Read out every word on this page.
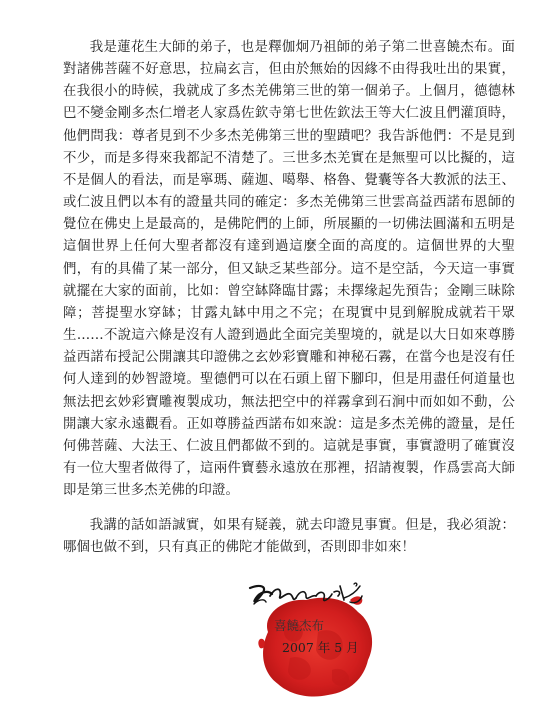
我是蓮花生大師的弟子，也是釋伽炯乃祖師的弟子第二世喜饒杰布。面對諸佛菩薩不好意思，拉扁玄言，但由於無始的因緣不由得我吐出的果實，在我很小的時候，我就成了多杰羌佛第三世的第一個弟子。上個月，德德林巴不變金剛多杰仁增老人家爲佐欽寺第七世佐欽法王等大仁波且們灌頂時，他們問我：尊者見到不少多杰羌佛第三世的聖蹟吧？我告訴他們：不是見到不少，而是多得來我都記不清楚了。三世多杰羌實在是無聖可以比擬的，這不是個人的看法，而是寧瑪、薩迦、噶舉、格魯、覺囊等各大教派的法王、或仁波且們以本有的證量共同的確定：多杰羌佛第三世雲高益西諾布恩師的覺位在佛史上是最高的，是佛陀們的上師，所展顯的一切佛法圓滿和五明是這個世界上任何大聖者都沒有達到過這麼全面的高度的。這個世界的大聖們，有的具備了某一部分，但又缺乏某些部分。這不是空話，今天這一事實就擺在大家的面前，比如：曾空缽降臨甘露；未擇缘起先預告；金剛三昧除障；菩提聖水穿缽；甘露丸缽中用之不完；在現實中見到解脫成就若干眾生……不說這六條是沒有人證到過此全面完美聖境的，就是以大日如來尊勝益西諾布授記公開讓其印證佛之玄妙彩寶雕和神秘石霧，在當今也是沒有任何人達到的妙智證境。聖德們可以在石頭上留下腳印，但是用盡任何道量也無法把玄妙彩寶雕複製成功，無法把空中的祥霧拿到石涧中而如如不動，公開讓大家永遠觀看。正如尊勝益西諾布如來說：這是多杰羌佛的證量，是任何佛菩薩、大法王、仁波且們都做不到的。這就是事實，事實證明了確實沒有一位大聖者做得了，這兩件寶藝永遠放在那裡，招請複製，作爲雲高大師即是第三世多杰羌佛的印證。

我講的話如語誠實，如果有疑義，就去印證見事實。但是，我必須說：哪個也做不到，只有真正的佛陀才能做到，否則即非如來！

喜饒杰布
2007 年 5 月
